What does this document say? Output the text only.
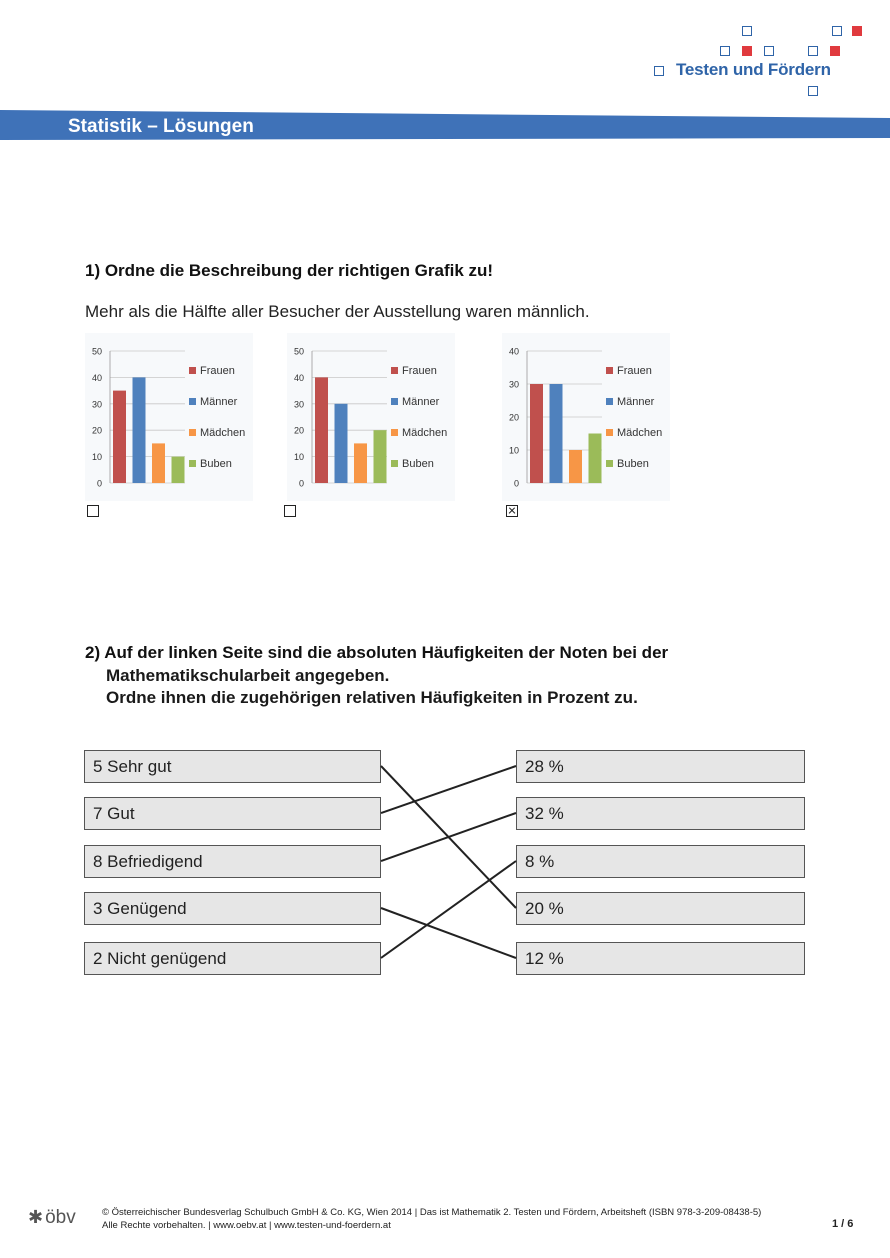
Testen und Fördern
Statistik – Lösungen
1) Ordne die Beschreibung der richtigen Grafik zu!
Mehr als die Hälfte aller Besucher der Ausstellung waren männlich.
0
10
20
30
40
50
Frauen
Männer
Mädchen
Buben
0
10
20
30
40
50
Frauen
Männer
Mädchen
Buben
0
10
20
30
40
Frauen
Männer
Mädchen
Buben
2) Auf der linken Seite sind die absoluten Häufigkeiten der Noten bei der
Mathematikschularbeit angegeben.
Ordne ihnen die zugehörigen relativen Häufigkeiten in Prozent zu.
5 Sehr gut
7 Gut
8 Befriedigend
3 Genügend
2 Nicht genügend
28 %
32 %
8 %
20 %
12 %
✱ öbv	© Österreichischer Bundesverlag Schulbuch GmbH & Co. KG, Wien 2014 | Das ist Mathematik 2. Testen und Fördern, Arbeitsheft (ISBN 978-3-209-08438-5)
Alle Rechte vorbehalten. | www.oebv.at | www.testen-und-foerdern.at	1 / 6
